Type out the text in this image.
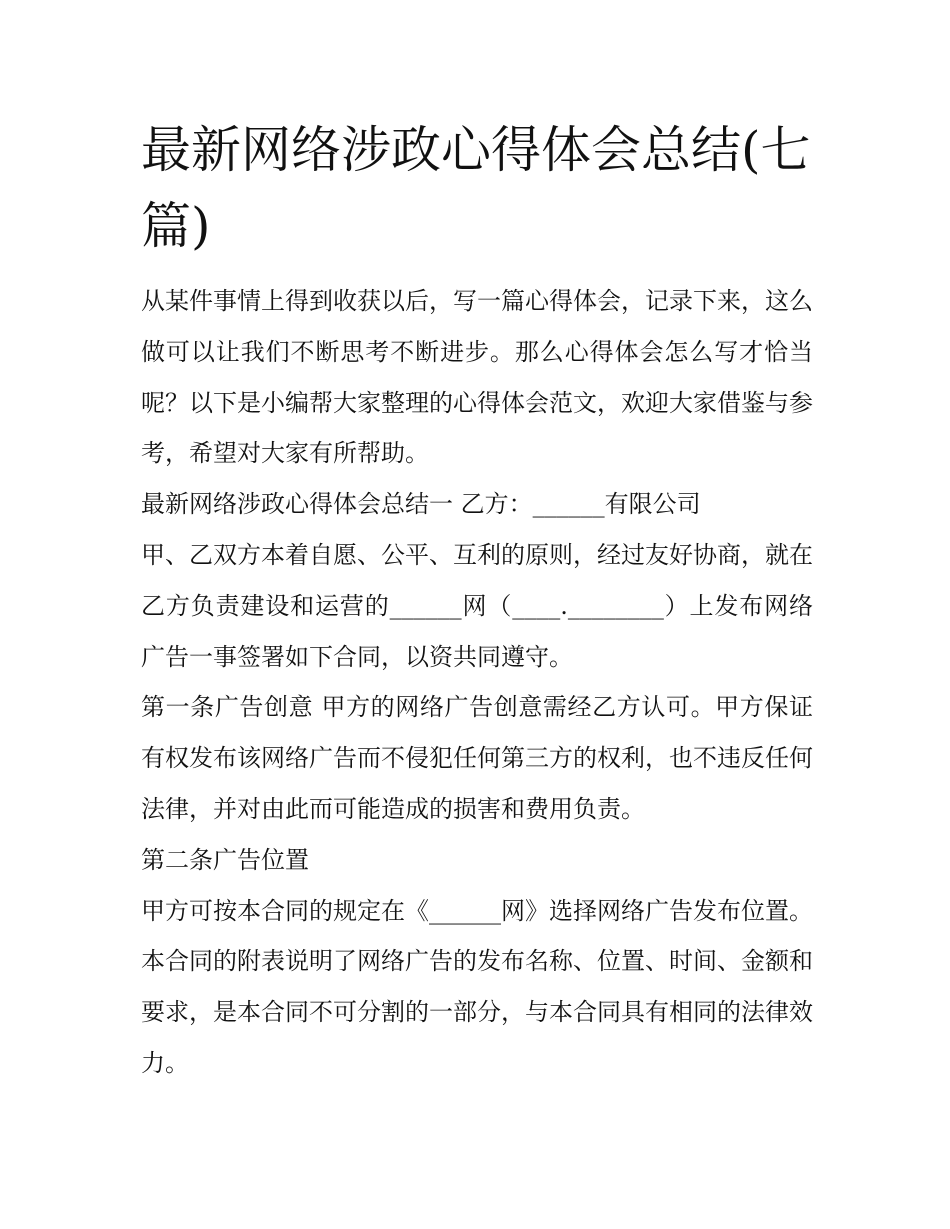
最新网络涉政心得体会总结(七篇)

从某件事情上得到收获以后，写一篇心得体会，记录下来，这么做可以让我们不断思考不断进步。那么心得体会怎么写才恰当呢？以下是小编帮大家整理的心得体会范文，欢迎大家借鉴与参考，希望对大家有所帮助。

最新网络涉政心得体会总结一 乙方：______有限公司

甲、乙双方本着自愿、公平、互利的原则，经过友好协商，就在乙方负责建设和运营的______网（____.________）上发布网络广告一事签署如下合同，以资共同遵守。

第一条广告创意 甲方的网络广告创意需经乙方认可。甲方保证有权发布该网络广告而不侵犯任何第三方的权利，也不违反任何法律，并对由此而可能造成的损害和费用负责。

第二条广告位置

甲方可按本合同的规定在《______网》选择网络广告发布位置。本合同的附表说明了网络广告的发布名称、位置、时间、金额和要求，是本合同不可分割的一部分，与本合同具有相同的法律效力。
